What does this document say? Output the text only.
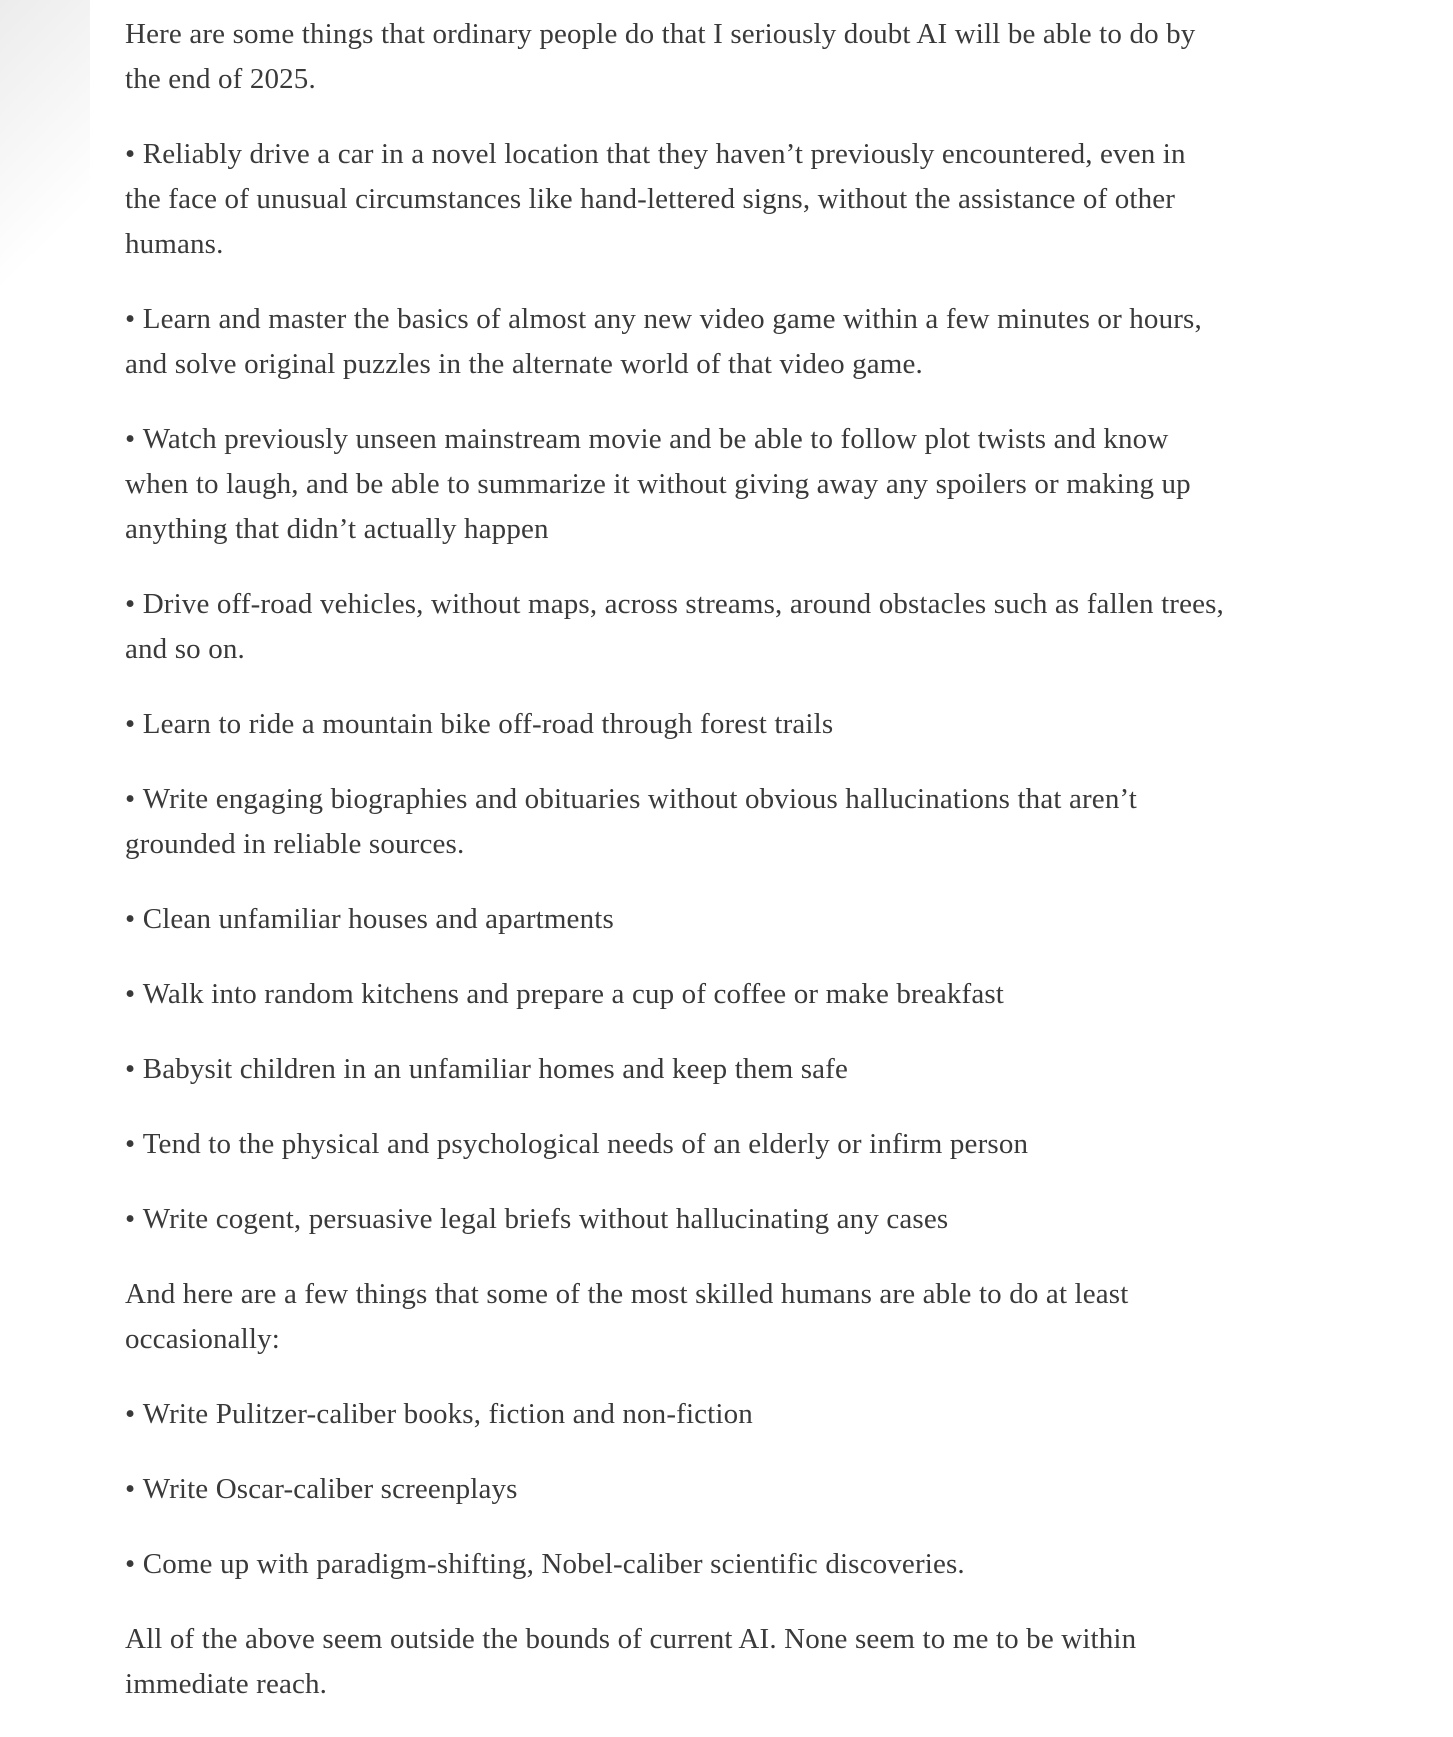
Here are some things that ordinary people do that I seriously doubt AI will be able to do by the end of 2025.

• Reliably drive a car in a novel location that they haven’t previously encountered, even in the face of unusual circumstances like hand-lettered signs, without the assistance of other humans.

• Learn and master the basics of almost any new video game within a few minutes or hours, and solve original puzzles in the alternate world of that video game.

• Watch previously unseen mainstream movie and be able to follow plot twists and know when to laugh, and be able to summarize it without giving away any spoilers or making up anything that didn’t actually happen

• Drive off-road vehicles, without maps, across streams, around obstacles such as fallen trees, and so on.

• Learn to ride a mountain bike off-road through forest trails

• Write engaging biographies and obituaries without obvious hallucinations that aren’t grounded in reliable sources.

• Clean unfamiliar houses and apartments

• Walk into random kitchens and prepare a cup of coffee or make breakfast

• Babysit children in an unfamiliar homes and keep them safe

• Tend to the physical and psychological needs of an elderly or infirm person

• Write cogent, persuasive legal briefs without hallucinating any cases

And here are a few things that some of the most skilled humans are able to do at least occasionally:

• Write Pulitzer-caliber books, fiction and non-fiction

• Write Oscar-caliber screenplays

• Come up with paradigm-shifting, Nobel-caliber scientific discoveries.

All of the above seem outside the bounds of current AI. None seem to me to be within immediate reach.
